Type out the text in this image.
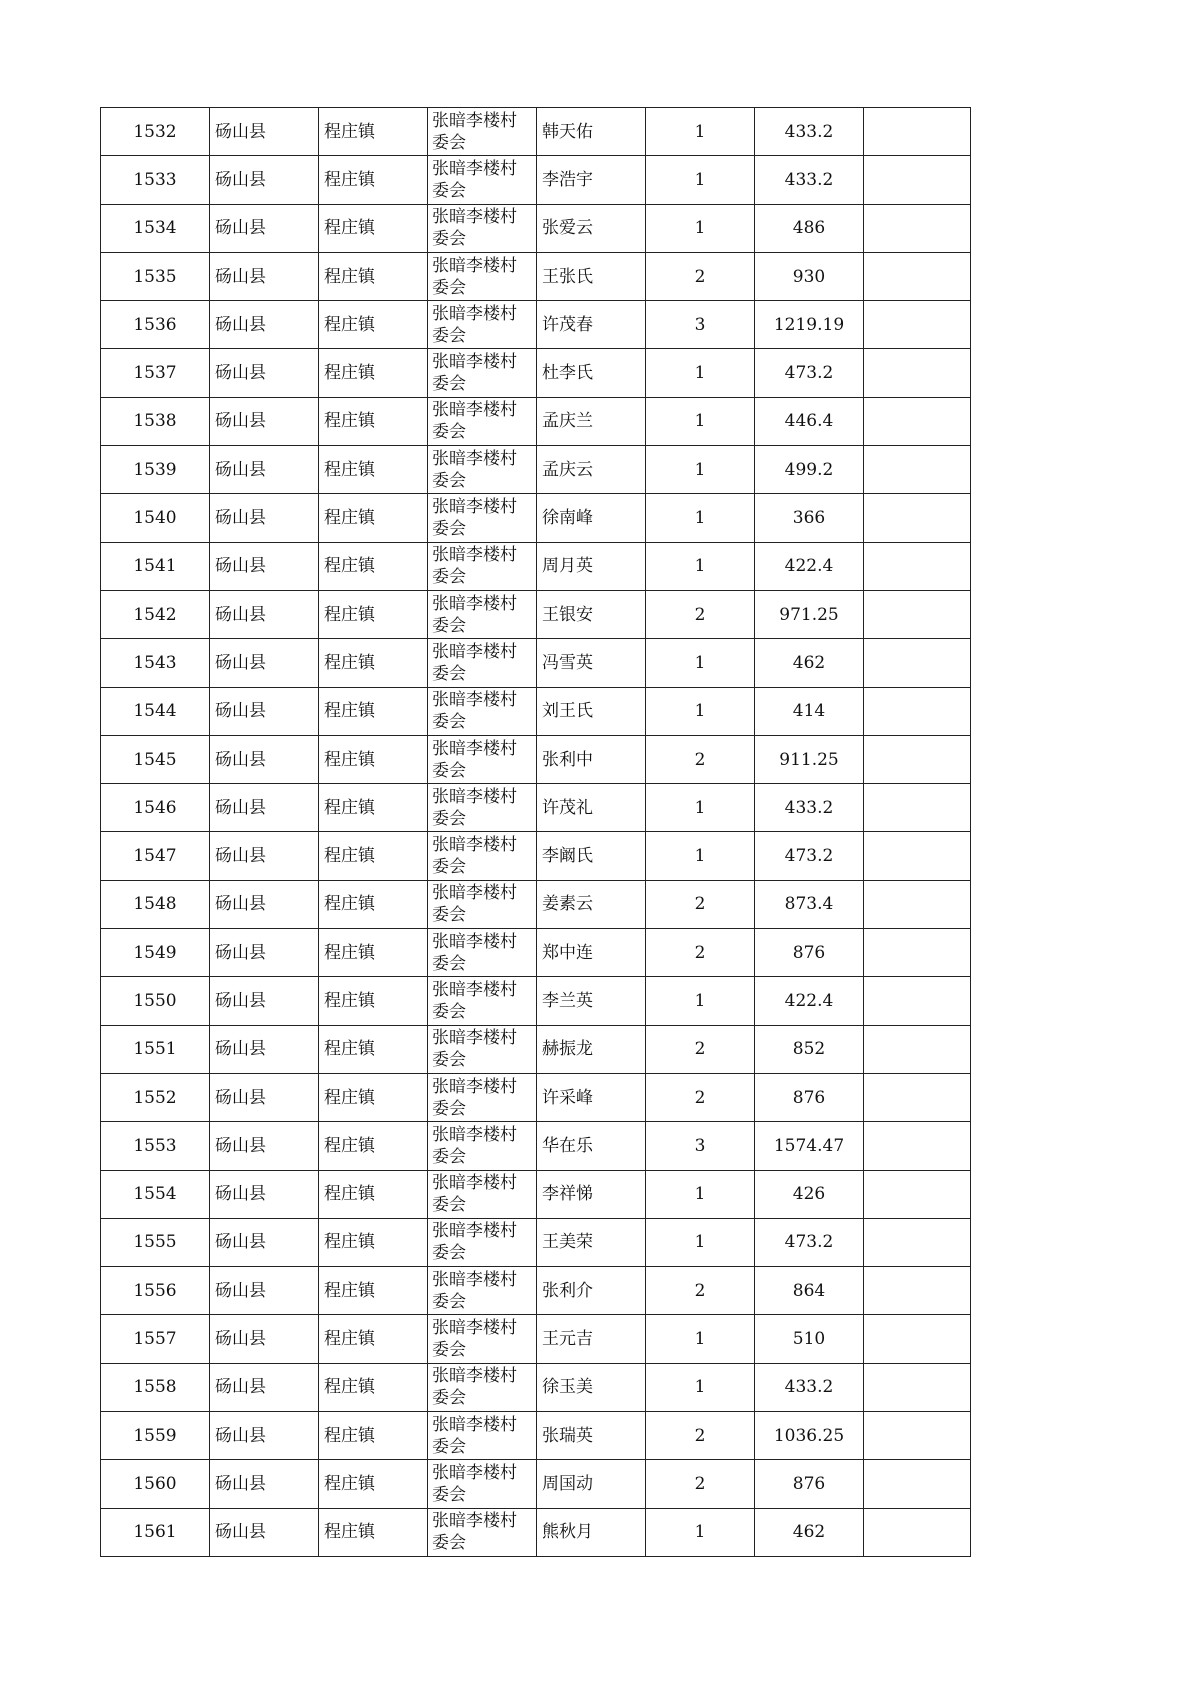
1532	砀山县	程庄镇	张暗李楼村
委会	韩天佑	1	433.2	
1533	砀山县	程庄镇	张暗李楼村
委会	李浩宇	1	433.2	
1534	砀山县	程庄镇	张暗李楼村
委会	张爱云	1	486	
1535	砀山县	程庄镇	张暗李楼村
委会	王张氏	2	930	
1536	砀山县	程庄镇	张暗李楼村
委会	许茂春	3	1219.19	
1537	砀山县	程庄镇	张暗李楼村
委会	杜李氏	1	473.2	
1538	砀山县	程庄镇	张暗李楼村
委会	孟庆兰	1	446.4	
1539	砀山县	程庄镇	张暗李楼村
委会	孟庆云	1	499.2	
1540	砀山县	程庄镇	张暗李楼村
委会	徐南峰	1	366	
1541	砀山县	程庄镇	张暗李楼村
委会	周月英	1	422.4	
1542	砀山县	程庄镇	张暗李楼村
委会	王银安	2	971.25	
1543	砀山县	程庄镇	张暗李楼村
委会	冯雪英	1	462	
1544	砀山县	程庄镇	张暗李楼村
委会	刘王氏	1	414	
1545	砀山县	程庄镇	张暗李楼村
委会	张利中	2	911.25	
1546	砀山县	程庄镇	张暗李楼村
委会	许茂礼	1	433.2	
1547	砀山县	程庄镇	张暗李楼村
委会	李阚氏	1	473.2	
1548	砀山县	程庄镇	张暗李楼村
委会	姜素云	2	873.4	
1549	砀山县	程庄镇	张暗李楼村
委会	郑中连	2	876	
1550	砀山县	程庄镇	张暗李楼村
委会	李兰英	1	422.4	
1551	砀山县	程庄镇	张暗李楼村
委会	赫振龙	2	852	
1552	砀山县	程庄镇	张暗李楼村
委会	许采峰	2	876	
1553	砀山县	程庄镇	张暗李楼村
委会	华在乐	3	1574.47	
1554	砀山县	程庄镇	张暗李楼村
委会	李祥悌	1	426	
1555	砀山县	程庄镇	张暗李楼村
委会	王美荣	1	473.2	
1556	砀山县	程庄镇	张暗李楼村
委会	张利介	2	864	
1557	砀山县	程庄镇	张暗李楼村
委会	王元吉	1	510	
1558	砀山县	程庄镇	张暗李楼村
委会	徐玉美	1	433.2	
1559	砀山县	程庄镇	张暗李楼村
委会	张瑞英	2	1036.25	
1560	砀山县	程庄镇	张暗李楼村
委会	周国动	2	876	
1561	砀山县	程庄镇	张暗李楼村
委会	熊秋月	1	462	
